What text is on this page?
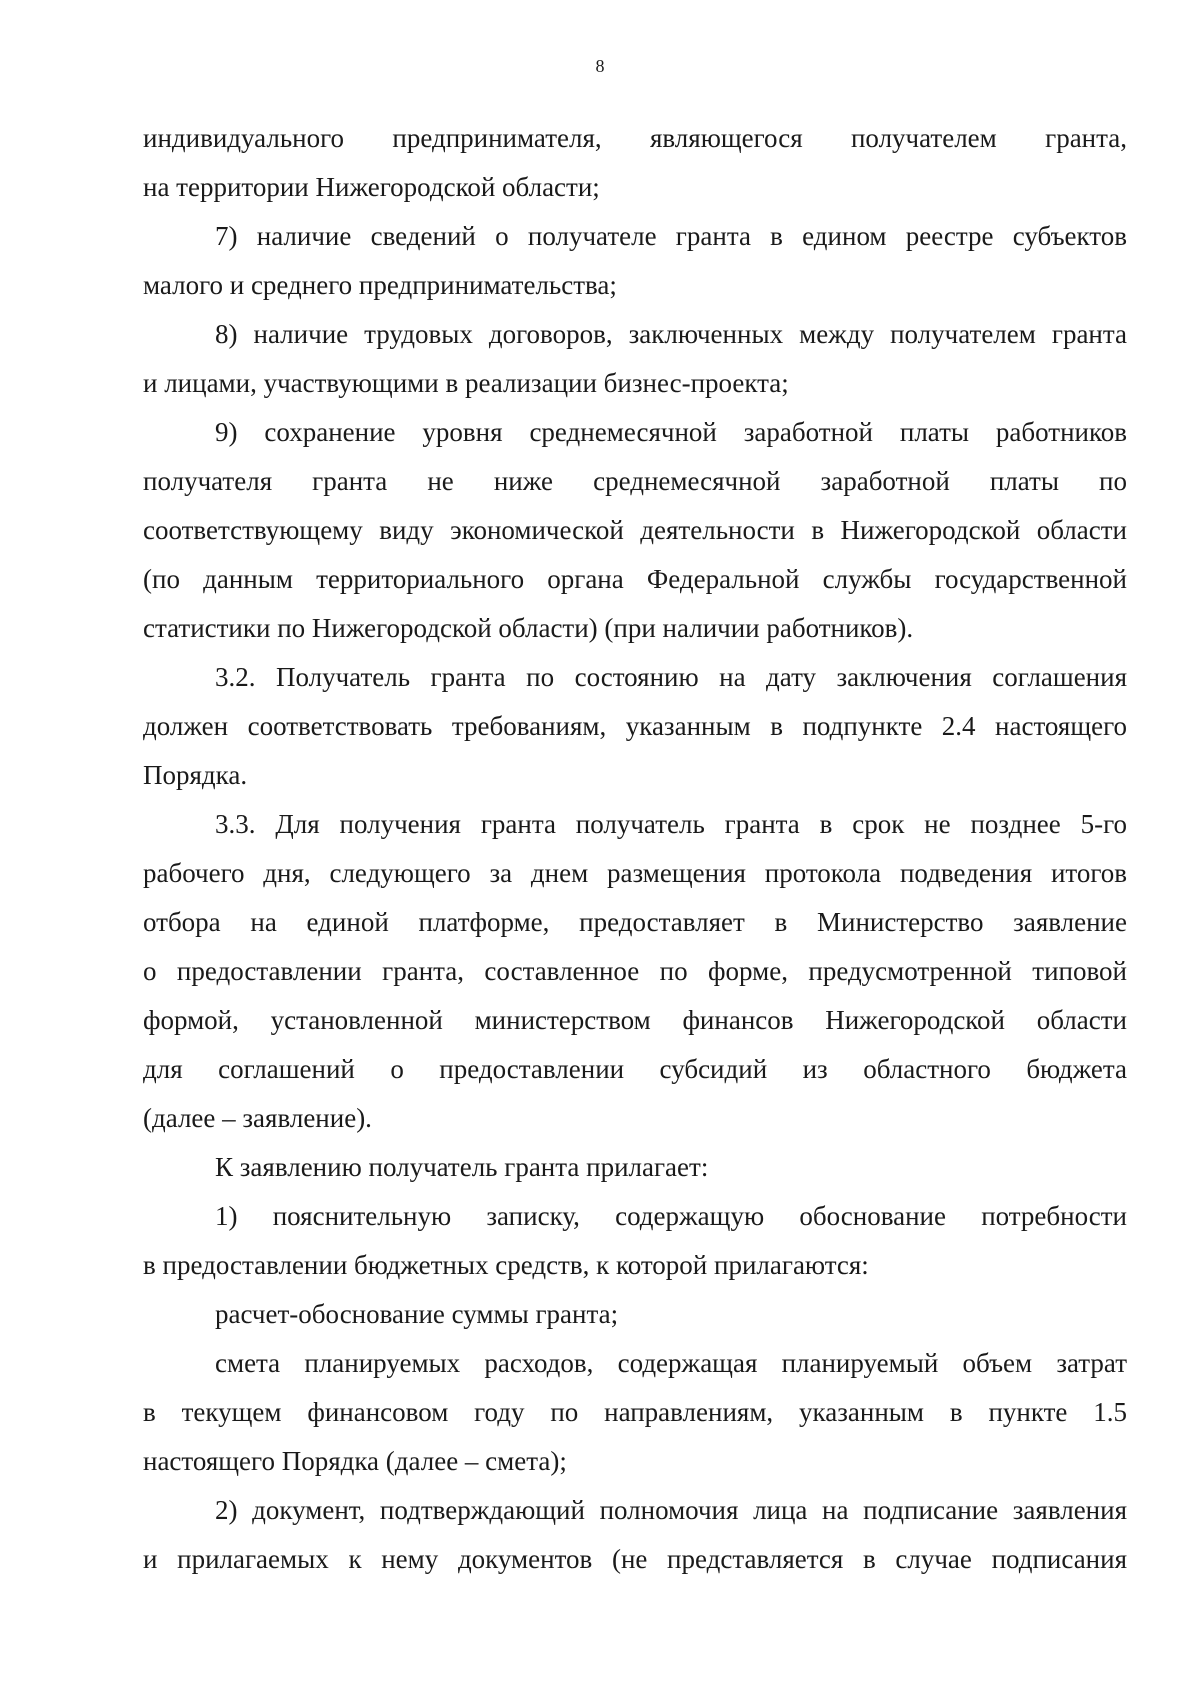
8
индивидуального предпринимателя, являющегося получателем гранта,
на территории Нижегородской области;
7) наличие сведений о получателе гранта в едином реестре субъектов
малого и среднего предпринимательства;
8) наличие трудовых договоров, заключенных между получателем гранта
и лицами, участвующими в реализации бизнес-проекта;
9) сохранение уровня среднемесячной заработной платы работников
получателя гранта не ниже среднемесячной заработной платы по
соответствующему виду экономической деятельности в Нижегородской области
(по данным территориального органа Федеральной службы государственной
статистики по Нижегородской области) (при наличии работников).
3.2. Получатель гранта по состоянию на дату заключения соглашения
должен соответствовать требованиям, указанным в подпункте 2.4 настоящего
Порядка.
3.3. Для получения гранта получатель гранта в срок не позднее 5-го
рабочего дня, следующего за днем размещения протокола подведения итогов
отбора на единой платформе, предоставляет в Министерство заявление
о предоставлении гранта, составленное по форме, предусмотренной типовой
формой, установленной министерством финансов Нижегородской области
для соглашений о предоставлении субсидий из областного бюджета
(далее – заявление).
К заявлению получатель гранта прилагает:
1) пояснительную записку, содержащую обоснование потребности
в предоставлении бюджетных средств, к которой прилагаются:
расчет-обоснование суммы гранта;
смета планируемых расходов, содержащая планируемый объем затрат
в текущем финансовом году по направлениям, указанным в пункте 1.5
настоящего Порядка (далее – смета);
2) документ, подтверждающий полномочия лица на подписание заявления
и прилагаемых к нему документов (не представляется в случае подписания
